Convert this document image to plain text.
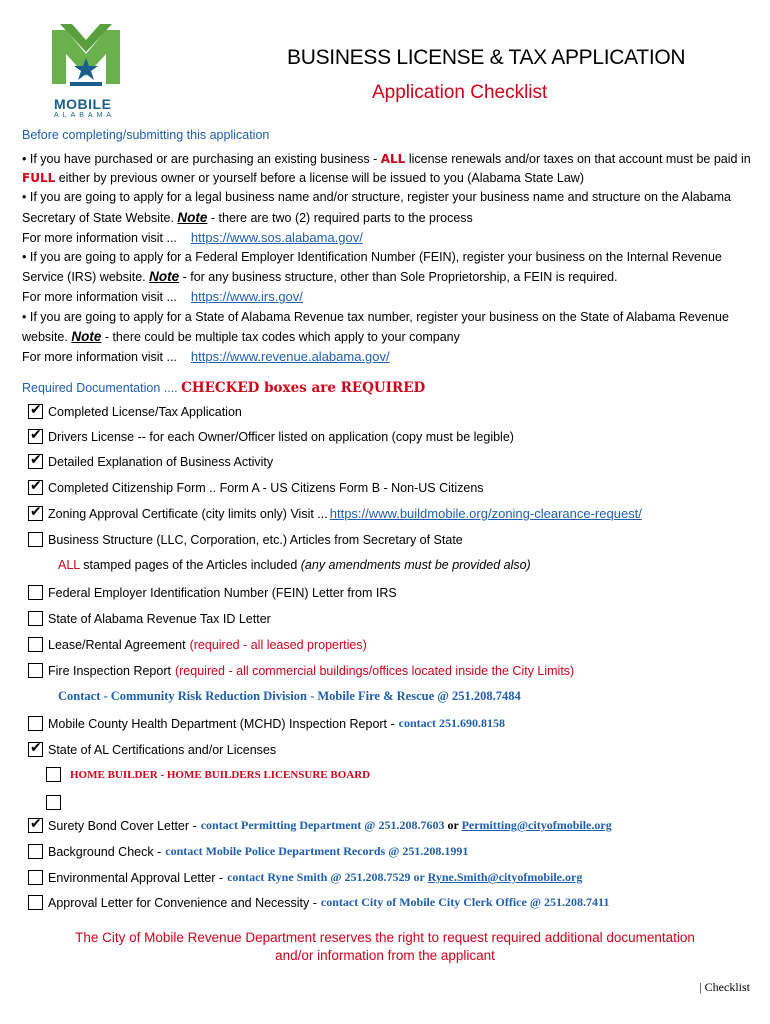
MOBILE
ALABAMA
BUSINESS LICENSE & TAX APPLICATION
Application Checklist
Before completing/submitting this application

• If you have purchased or are purchasing an existing business - ALL license renewals and/or taxes on that account must be paid in FULL either by previous owner or yourself before a license will be issued to you (Alabama State Law)

• If you are going to apply for a legal business name and/or structure, register your business name and structure on the Alabama Secretary of State Website. Note - there are two (2) required parts to the process

For more information visit ... https://www.sos.alabama.gov/

• If you are going to apply for a Federal Employer Identification Number (FEIN), register your business on the Internal Revenue Service (IRS) website. Note - for any business structure, other than Sole Proprietorship, a FEIN is required.

For more information visit ... https://www.irs.gov/

• If you are going to apply for a State of Alabama Revenue tax number, register your business on the State of Alabama Revenue website. Note - there could be multiple tax codes which apply to your company

For more information visit ... https://www.revenue.alabama.gov/

Required Documentation .... CHECKED boxes are REQUIRED
✔ Completed License/Tax Application
✔ Drivers License -- for each Owner/Officer listed on application (copy must be legible)
✔ Detailed Explanation of Business Activity
✔ Completed Citizenship Form .. Form A - US Citizens Form B - Non-US Citizens
✔ Zoning Approval Certificate (city limits only) Visit ... https://www.buildmobile.org/zoning-clearance-request/
Business Structure (LLC, Corporation, etc.) Articles from Secretary of State
ALL stamped pages of the Articles included (any amendments must be provided also)
Federal Employer Identification Number (FEIN) Letter from IRS
State of Alabama Revenue Tax ID Letter
Lease/Rental Agreement (required - all leased properties)
Fire Inspection Report (required - all commercial buildings/offices located inside the City Limits)
Contact - Community Risk Reduction Division - Mobile Fire & Rescue @ 251.208.7484
Mobile County Health Department (MCHD) Inspection Report - contact 251.690.8158
✔ State of AL Certifications and/or Licenses
HOME BUILDER - HOME BUILDERS LICENSURE BOARD
✔ Surety Bond Cover Letter - contact Permitting Department @ 251.208.7603 or Permitting@cityofmobile.org
Background Check - contact Mobile Police Department Records @ 251.208.1991
Environmental Approval Letter - contact Ryne Smith @ 251.208.7529 or Ryne.Smith@cityofmobile.org
Approval Letter for Convenience and Necessity - contact City of Mobile City Clerk Office @ 251.208.7411
The City of Mobile Revenue Department reserves the right to request required additional documentation
and/or information from the applicant
| Checklist
